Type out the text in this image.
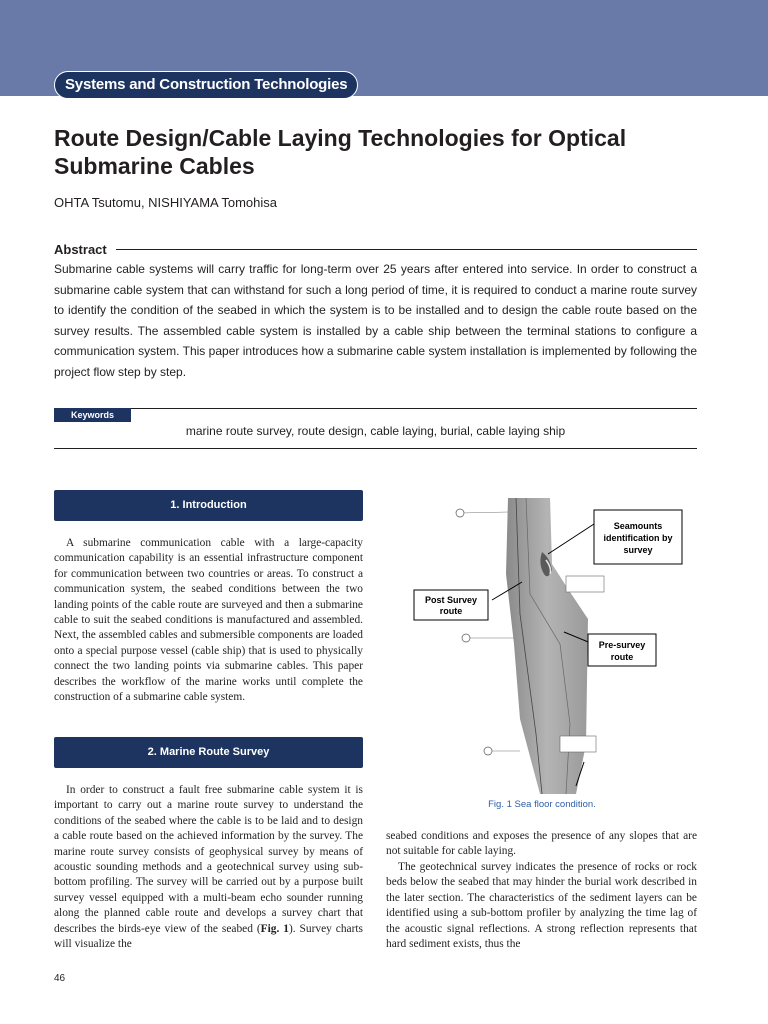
Systems and Construction Technologies
Route Design/Cable Laying Technologies for Optical Submarine Cables
OHTA Tsutomu, NISHIYAMA Tomohisa
Abstract

Submarine cable systems will carry traffic for long-term over 25 years after entered into service. In order to construct a submarine cable system that can withstand for such a long period of time, it is required to conduct a marine route survey to identify the condition of the seabed in which the system is to be installed and to design the cable route based on the survey results. The assembled cable system is installed by a cable ship between the terminal stations to configure a communication system. This paper introduces how a submarine cable system installation is implemented by following the project flow step by step.

Keywords
marine route survey, route design, cable laying, burial, cable laying ship
1. Introduction

A submarine communication cable with a large-capacity communication capability is an essential infrastructure component for communication between two countries or areas. To construct a communication system, the seabed conditions between the two landing points of the cable route are surveyed and then a submarine cable to suit the seabed conditions is manufactured and assembled. Next, the assembled cables and submersible components are loaded onto a special purpose vessel (cable ship) that is used to physically connect the two landing points via submarine cables. This paper describes the workflow of the marine works until complete the construction of a submarine cable system.

2. Marine Route Survey

In order to construct a fault free submarine cable system it is important to carry out a marine route survey to understand the conditions of the seabed where the cable is to be laid and to design a cable route based on the achieved information by the survey. The marine route survey consists of geophysical survey by means of acoustic sounding methods and a geotechnical survey using sub-bottom profiling. The survey will be carried out by a purpose built survey vessel equipped with a multi-beam echo sounder running along the planned cable route and develops a survey chart that describes the birds-eye view of the seabed (Fig. 1). Survey charts will visualize the

Seamounts
identification by
survey
Post Survey
route
Pre-survey
route
Fig. 1 Sea floor condition.

seabed conditions and exposes the presence of any slopes that are not suitable for cable laying.

The geotechnical survey indicates the presence of rocks or rock beds below the seabed that may hinder the burial work described in the later section. The characteristics of the sediment layers can be identified using a sub-bottom profiler by analyzing the time lag of the acoustic signal reflections. A strong reflection represents that hard sediment exists, thus the

46
